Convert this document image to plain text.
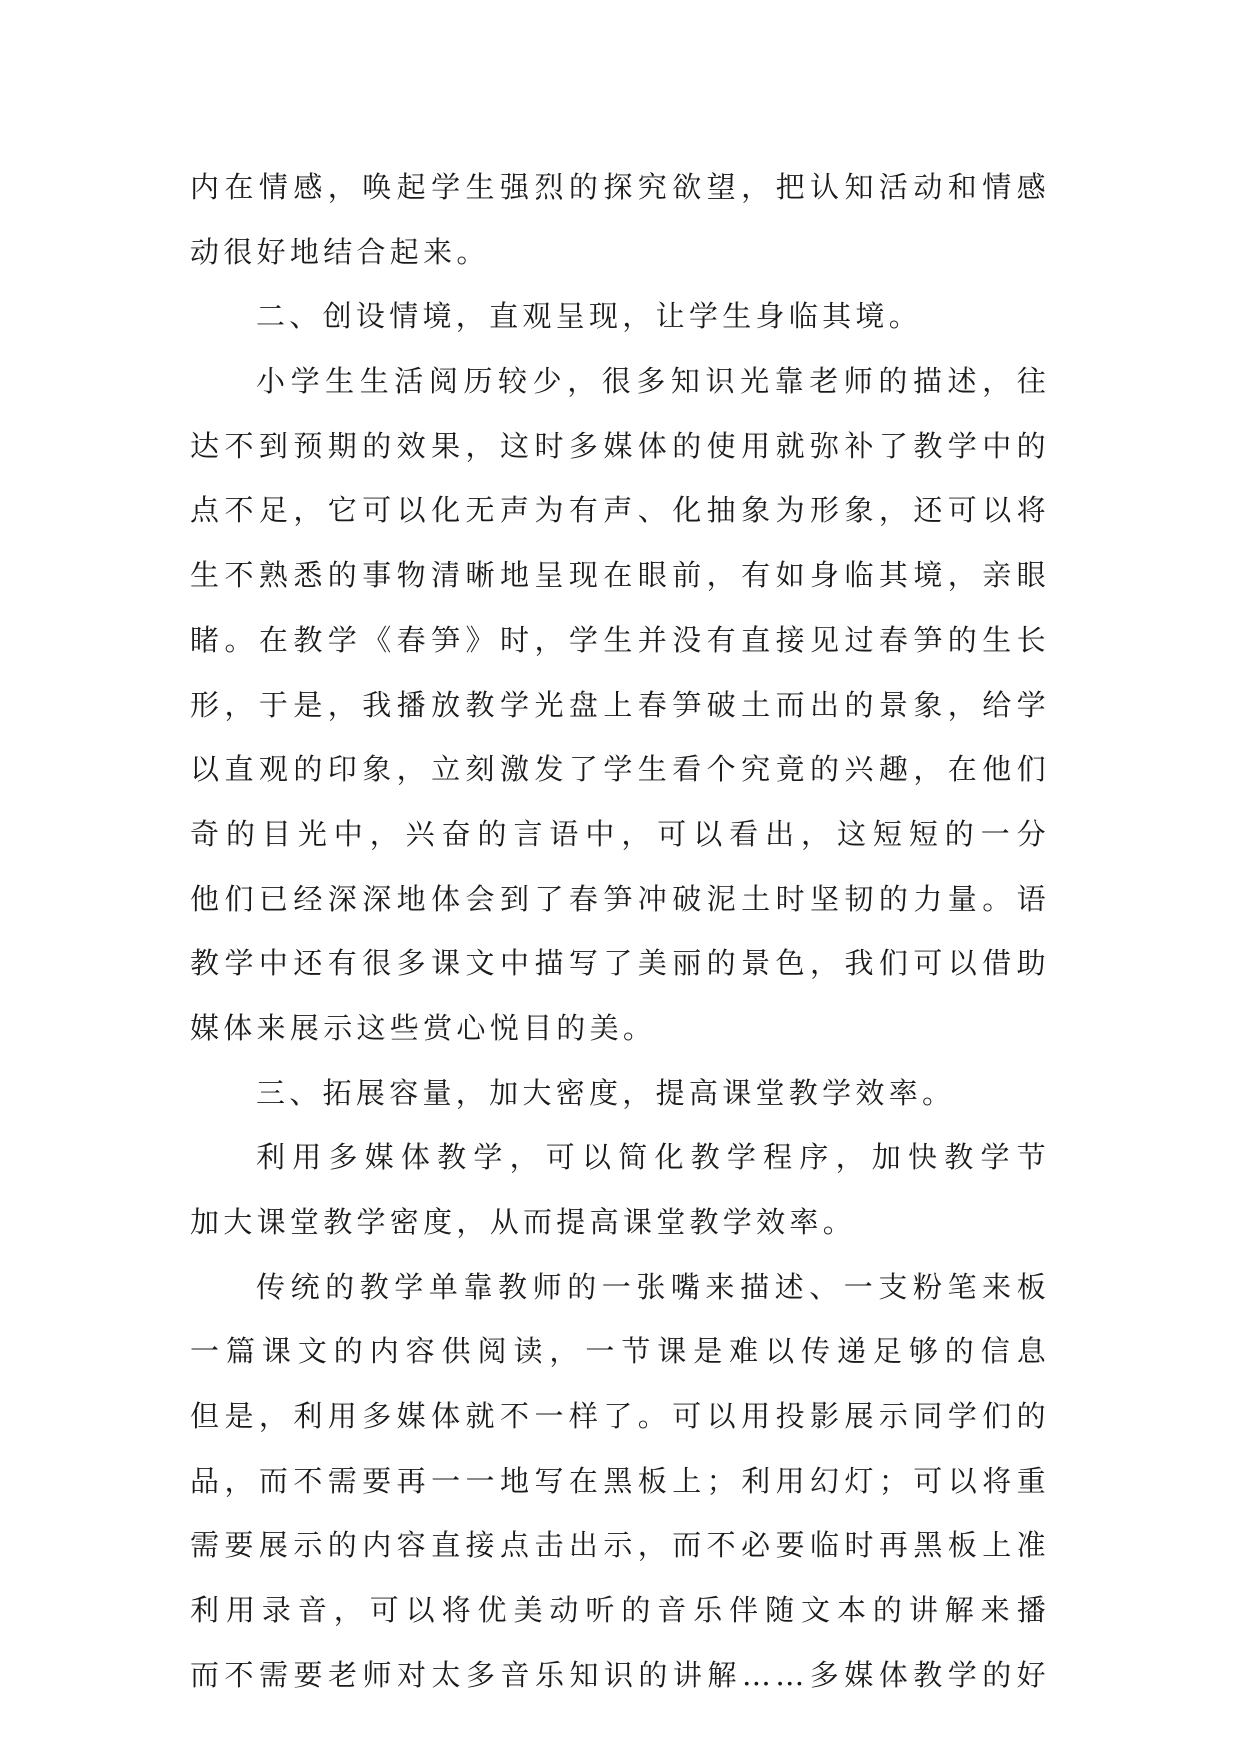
内在情感，唤起学生强烈的探究欲望，把认知活动和情感
动很好地结合起来。
二、创设情境，直观呈现，让学生身临其境。
小学生生活阅历较少，很多知识光靠老师的描述，往
达不到预期的效果，这时多媒体的使用就弥补了教学中的
点不足，它可以化无声为有声、化抽象为形象，还可以将
生不熟悉的事物清晰地呈现在眼前，有如身临其境，亲眼
睹。在教学《春笋》时，学生并没有直接见过春笋的生长
形，于是，我播放教学光盘上春笋破土而出的景象，给学
以直观的印象，立刻激发了学生看个究竟的兴趣，在他们
奇的目光中，兴奋的言语中，可以看出，这短短的一分
他们已经深深地体会到了春笋冲破泥土时坚韧的力量。语
教学中还有很多课文中描写了美丽的景色，我们可以借助
媒体来展示这些赏心悦目的美。
三、拓展容量，加大密度，提高课堂教学效率。
利用多媒体教学，可以简化教学程序，加快教学节
加大课堂教学密度，从而提高课堂教学效率。
传统的教学单靠教师的一张嘴来描述、一支粉笔来板
一篇课文的内容供阅读，一节课是难以传递足够的信息
但是，利用多媒体就不一样了。可以用投影展示同学们的
品，而不需要再一一地写在黑板上；利用幻灯；可以将重
需要展示的内容直接点击出示，而不必要临时再黑板上准
利用录音，可以将优美动听的音乐伴随文本的讲解来播
而不需要老师对太多音乐知识的讲解……多媒体教学的好
